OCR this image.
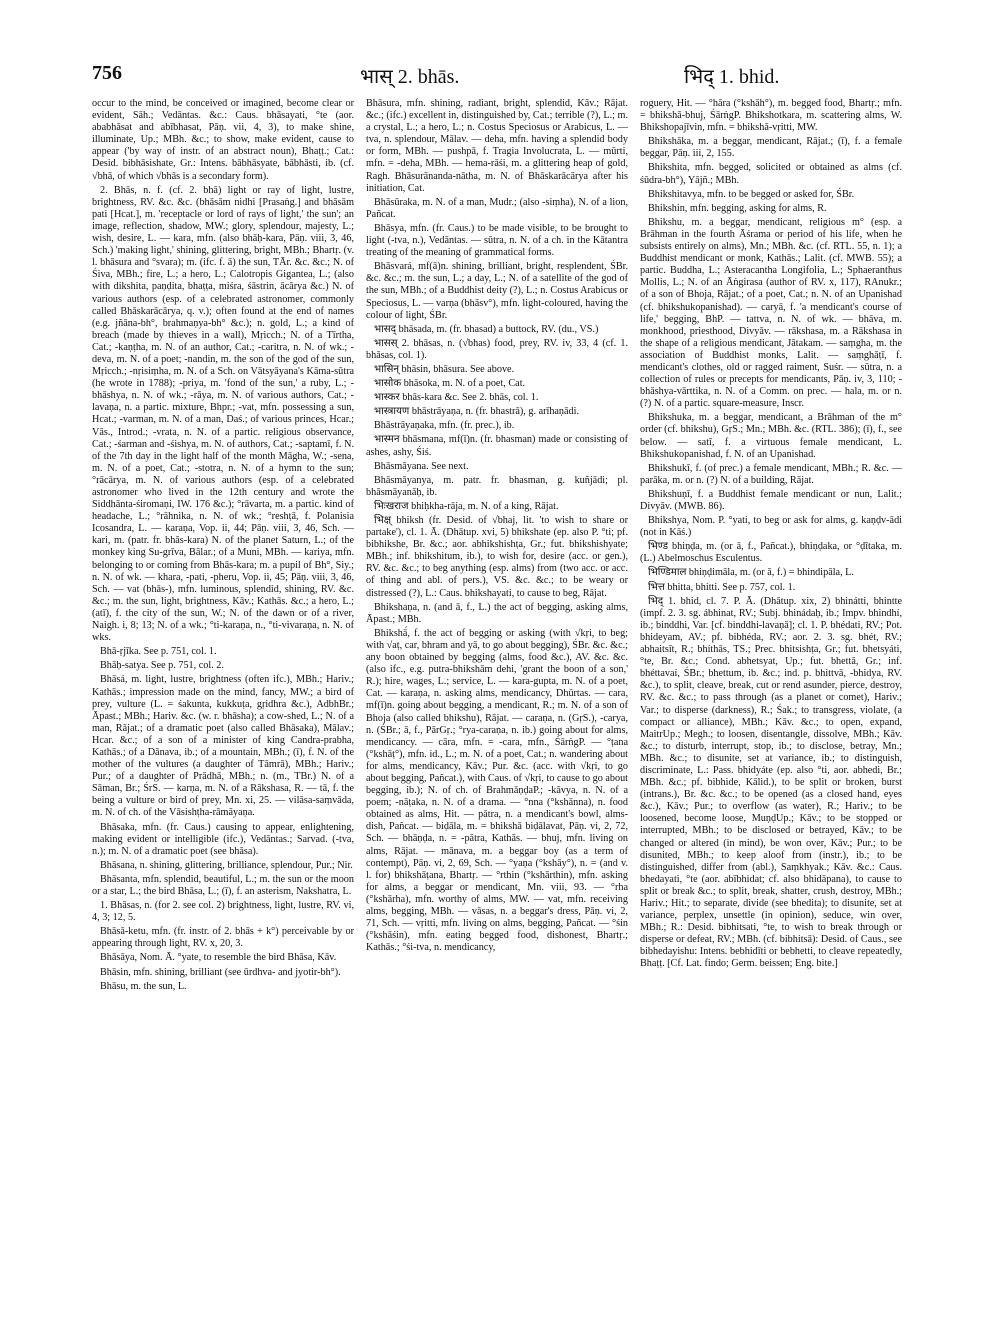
756	भास् 2. bhās.	भिद् 1. bhid.

occur to the mind, be conceived or imagined, become clear or evident, Sāh.; Vedāntas. &c.: Caus. bhāsayati, °te (aor. ababhāsat and abībhasat, Pāṇ. vii, 4, 3), to make shine, illuminate, Up.; MBh. &c.; to show, make evident, cause to appear ('by way of instr. of an abstract noun), Bhaṭṭ.; Cat.: Desid. bibhāsishate, Gr.: Intens. bābhāsyate, bābhāsti, ib. (cf. √bhā, of which √bhās is a secondary form).

2. Bhās, n. f. (cf. 2. bhā) light or ray of light, lustre, brightness, RV. &c. &c. (bhāsām nidhi [Prasaṅg.] and bhāsām pati [Hcat.], m. 'receptacle or lord of rays of light,' the sun'; an image, reflection, shadow, MW.; glory, splendour, majesty, L.; wish, desire, L. — kara, mfn. (also bhāḥ-kara, Pāṇ. viii, 3, 46, Sch.) 'making light,' shining, glittering, bright, MBh.; Bhartṛ. (v. l. bhāsura and °svara); m. (ifc. f. ā) the sun, TĀr. &c. &c.; N. of Śiva, MBh.; fire, L.; a hero, L.; Calotropis Gigantea, L.; (also with dikshita, paṇḍita, bhaṭṭa, miśra, śāstrin, ācārya &c.) N. of various authors (esp. of a celebrated astronomer, commonly called Bhāskarācārya, q. v.); often found at the end of names (e.g. jñāna-bh°, brahmaṇya-bh° &c.); n. gold, L.; a kind of breach (made by thieves in a wall), Mṛicch.; N. of a Tīrtha, Cat.; -kaṇṭha, m. N. of an author, Cat.; -caritra, n. N. of wk.; -deva, m. N. of a poet; -nandin, m. the son of the god of the sun, Mṛicch.; -nṛisiṃha, m. N. of a Sch. on Vātsyāyana's Kāma-sūtra (he wrote in 1788); -priya, m. 'fond of the sun,' a ruby, L.; -bhāshya, n. N. of wk.; -rāya, m. N. of various authors, Cat.; -lavaṇa, n. a partic. mixture, Bhpr.; -vat, mfn. possessing a sun, Hcat.; -varman, m. N. of a man, Daś.; of various princes, Hcar.; Vās., Introd.; -vrata, n. N. of a partic. religious observance, Cat.; -śarman and -śishya, m. N. of authors, Cat.; -saptamī, f. N. of the 7th day in the light half of the month Māgha, W.; -sena, m. N. of a poet, Cat.; -stotra, n. N. of a hymn to the sun; °rācārya, m. N. of various authors (esp. of a celebrated astronomer who lived in the 12th century and wrote the Siddhānta-śiromaṇi, IW. 176 &c.); °rāvarta, m. a partic. kind of headache, L.; °rāhnika, n. N. of wk.; °reshṭā, f. Polanisia Icosandra, L. — karaṇa, Vop. ii, 44; Pāṇ. viii, 3, 46, Sch. — kari, m. (patr. fr. bhās-kara) N. of the planet Saturn, L.; of the monkey king Su-grīva, Bālar.; of a Muni, MBh. — kariya, mfn. belonging to or coming from Bhās-kara; m. a pupil of Bh°, Siy.; n. N. of wk. — khara, -pati, -pheru, Vop. ii, 45; Pāṇ. viii, 3, 46, Sch. — vat (bhās-), mfn. luminous, splendid, shining, RV. &c. &c.; m. the sun, light, brightness, Kāv.; Kathās. &c.; a hero, L.; (atī), f. the city of the sun, W.; N. of the dawn or of a river, Naigh. i, 8; 13; N. of a wk.; °ti-karaṇa, n., °ti-vivaraṇa, n. N. of wks.

Bhā-ṛjīka. See p. 751, col. 1.

Bhāḥ-satya. See p. 751, col. 2.

Bhāsá, m. light, lustre, brightness (often ifc.), MBh.; Hariv.; Kathās.; impression made on the mind, fancy, MW.; a bird of prey, vulture (L. = śakunta, kukkuṭa, gṛidhra &c.), AdbhBr.; Āpast.; MBh.; Hariv. &c. (w. r. bhāsha); a cow-shed, L.; N. of a man, Rājat.; of a dramatic poet (also called Bhāsaka), Mālav.; Hcar. &c.; of a son of a minister of king Candra-prabha, Kathās.; of a Dānava, ib.; of a mountain, MBh.; (ī), f. N. of the mother of the vultures (a daughter of Tāmrā), MBh.; Hariv.; Pur.; of a daughter of Prādhā, MBh.; n. (m., TBr.) N. of a Sāman, Br.; ŚrS. — karṇa, m. N. of a Rākshasa, R. — tā, f. the being a vulture or bird of prey, Mn. xi, 25. — vilāsa-saṃvāda, m. N. of ch. of the Vāsishṭha-rāmāyaṇa.

Bhāsaka, mfn. (fr. Caus.) causing to appear, enlightening, making evident or intelligible (ifc.), Vedāntas.; Sarvad. (-tva, n.); m. N. of a dramatic poet (see bhāsa).

Bhāsana, n. shining, glittering, brilliance, splendour, Pur.; Nir.

Bhāsanta, mfn. splendid, beautiful, L.; m. the sun or the moon or a star, L.; the bird Bhāsa, L.; (ī), f. an asterism, Nakshatra, L.

1. Bhāsas, n. (for 2. see col. 2) brightness, light, lustre, RV. vi, 4, 3; 12, 5.

Bhāsā-ketu, mfn. (fr. instr. of 2. bhās + k°) perceivable by or appearing through light, RV. x, 20, 3.

Bhāsāya, Nom. Ā. °yate, to resemble the bird Bhāsa, Kāv.

Bhāsin, mfn. shining, brilliant (see ūrdhva- and jyotir-bh°).

Bhāsu, m. the sun, L.

Bhāsura, mfn. shining, radiant, bright, splendid, Kāv.; Rājat. &c.; (ifc.) excellent in, distinguished by, Cat.; terrible (?), L.; m. a crystal, L.; a hero, L.; n. Costus Speciosus or Arabicus, L. — tva, n. splendour, Mālav. — deha, mfn. having a splendid body or form, MBh. — pushpā, f. Tragia Involucrata, L. — mūrti, mfn. = -deha, MBh. — hema-rāśi, m. a glittering heap of gold, Ragh. Bhāsurānanda-nātha, m. N. of Bhāskarācārya after his initiation, Cat.

Bhāsūraka, m. N. of a man, Mudr.; (also -siṃha), N. of a lion, Pañcat.

Bhāsya, mfn. (fr. Caus.) to be made visible, to be brought to light (-tva, n.), Vedāntas. — sūtra, n. N. of a ch. in the Kātantra treating of the meaning of grammatical forms.

Bhāsvará, mf(ā)n. shining, brilliant, bright, resplendent, ŚBr. &c. &c.; m. the sun, L.; a day, L.; N. of a satellite of the god of the sun, MBh.; of a Buddhist deity (?), L.; n. Costus Arabicus or Speciosus, L. — varṇa (bhāsv°), mfn. light-coloured, having the colour of light, ŚBr.

भासद् bhāsada, m. (fr. bhasad) a buttock, RV. (du., VS.)

भासस् 2. bhāsas, n. (√bhas) food, prey, RV. iv, 33, 4 (cf. 1. bhāsas, col. 1).

भासिन् bhāsin, bhāsura. See above.

भासोक bhāsoka, m. N. of a poet, Cat.

भास्कर bhās-kara &c. See 2. bhās, col. 1.

भास्त्रायण bhāstrāyaṇa, n. (fr. bhastrā), g. arīhaṇādi.

Bhāstrāyaṇaka, mfn. (fr. prec.), ib.

भास्मन bhāsmana, mf(ī)n. (fr. bhasman) made or consisting of ashes, ashy, Śiś.

Bhāsmāyana. See next.

Bhāsmāyanya, m. patr. fr. bhasman, g. kuñjādi; pl. bhāsmāyanāḥ, ib.

भिःखराज bhiḥkha-rāja, m. N. of a king, Rājat.

भिक्ष् bhiksh (fr. Desid. of √bhaj, lit. 'to wish to share or partake'), cl. 1. Ā. (Dhātup. xvi, 5) bhikshate (ep. also P. °ti; pf. bibhikshe, Br. &c.; aor. abhikshishṭa, Gr.; fut. bhikshishyate; MBh.; inf. bhikshitum, ib.), to wish for, desire (acc. or gen.), RV. &c. &c.; to beg anything (esp. alms) from (two acc. or acc. of thing and abl. of pers.), VS. &c. &c.; to be weary or distressed (?), L.: Caus. bhikshayati, to cause to beg, Rājat.

Bhikshaṇa, n. (and ā, f., L.) the act of begging, asking alms, Āpast.; MBh.

Bhikshā́, f. the act of begging or asking (with √kṛi, to beg; with √aṭ, car, bhram and yā, to go about begging), ŚBr. &c. &c.; any boon obtained by begging (alms, food &c.), AV. &c. &c. (also ifc., e.g. putra-bhikshām dehi, 'grant the boon of a son,' R.); hire, wages, L.; service, L. — kara-gupta, m. N. of a poet, Cat. — karaṇa, n. asking alms, mendicancy, Dhūrtas. — cara, mf(ī)n. going about begging, a mendicant, R.; m. N. of a son of Bhoja (also called bhikshu), Rājat. — caraṇa, n. (GṛS.), -carya, n. (ŚBr.; ā, f., PārGṛ.; °rya-caraṇa, n. ib.) going about for alms, mendicancy. — cāra, mfn. = -cara, mfn., ŚārṅgP. — °ṭana (°kshāṭ°), mfn. id., L.; m. N. of a poet, Cat.; n. wandering about for alms, mendicancy, Kāv.; Pur. &c. (acc. with √kṛi, to go about begging, Pañcat.), with Caus. of √kṛi, to cause to go about begging, ib.); N. of ch. of BrahmāṇḍaP.; -kāvya, n. N. of a poem; -nāṭaka, n. N. of a drama. — °nna (°kshānna), n. food obtained as alms, Hit. — pātra, n. a mendicant's bowl, alms-dish, Pañcat. — biḍāla, m. = bhikshā biḍālavat, Pāṇ. vi, 2, 72, Sch. — bhāṇḍa, n. = -pātra, Kathās. — bhuj, mfn. living on alms, Rājat. — mānava, m. a beggar boy (as a term of contempt), Pāṇ. vi, 2, 69, Sch. — °yaṇa (°kshāy°), n. = (and v. l. for) bhikshāṭana, Bhartṛ. — °rthin (°kshārthin), mfn. asking for alms, a beggar or mendicant, Mn. viii, 93. — °rha (°kshārha), mfn. worthy of alms, MW. — vat, mfn. receiving alms, begging, MBh. — vāsas, n. a beggar's dress, Pāṇ. vi, 2, 71, Sch. — vṛitti, mfn. living on alms, begging, Pañcat. — °śin (°kshāśin), mfn. eating begged food, dishonest, Bhartṛ.; Kathās.; °śi-tva, n. mendicancy,

roguery, Hit. — °hāra (°kshāh°), m. begged food, Bhartṛ.; mfn. = bhikshā-bhuj, ŚārṅgP. Bhikshotkara, m. scattering alms, W. Bhikshopajīvin, mfn. = bhikshā-vṛitti, MW.

Bhikshāka, m. a beggar, mendicant, Rājat.; (ī), f. a female beggar, Pāṇ. iii, 2, 155.

Bhikshita, mfn. begged, solicited or obtained as alms (cf. śūdra-bh°), Yājñ.; MBh.

Bhikshitavya, mfn. to be begged or asked for, ŚBr.

Bhikshin, mfn. begging, asking for alms, R.

Bhikshu, m. a beggar, mendicant, religious m° (esp. a Brāhman in the fourth Āśrama or period of his life, when he subsists entirely on alms), Mn.; MBh. &c. (cf. RTL. 55, n. 1); a Buddhist mendicant or monk, Kathās.; Lalit. (cf. MWB. 55); a partic. Buddha, L.; Asteracantha Longifolia, L.; Sphaeranthus Mollis, L.; N. of an Āṅgirasa (author of RV. x, 117), RAnukr.; of a son of Bhoja, Rājat.; of a poet, Cat.; n. N. of an Upanishad (cf. bhikshukopanishad). — caryā, f. 'a mendicant's course of life,' begging, BhP. — tattva, n. N. of wk. — bhāva, m. monkhood, priesthood, Divyāv. — rākshasa, m. a Rākshasa in the shape of a religious mendicant, Jātakam. — saṃgha, m. the association of Buddhist monks, Lalit. — saṃghāṭī, f. mendicant's clothes, old or ragged raiment, Suśr. — sūtra, n. a collection of rules or precepts for mendicants, Pāṇ. iv, 3, 110; -bhāshya-vārttika, n. N. of a Comm. on prec. — hala, m. or n. (?) N. of a partic. square-measure, Inscr.

Bhikshuka, m. a beggar, mendicant, a Brāhman of the m° order (cf. bhikshu), GṛS.; Mn.; MBh. &c. (RTL. 386); (ī), f., see below. — satī, f. a virtuous female mendicant, L. Bhikshukopanishad, f. N. of an Upanishad.

Bhikshukī, f. (of prec.) a female mendicant, MBh.; R. &c. — parāka, m. or n. (?) N. of a building, Rājat.

Bhikshuṇī, f. a Buddhist female mendicant or nun, Lalit.; Divyāv. (MWB. 86).

Bhikshya, Nom. P. °yati, to beg or ask for alms, g. kaṇḍv-ādi (not in Kāś.)

भिण्ड bhiṇḍa, m. (or ā, f., Pañcat.), bhiṇḍaka, or °ḍītaka, m. (L.) Abelmoschus Esculentus.

भिण्डिमाल bhiṇḍimāla, m. (or ā, f.) = bhindipāla, L.

भित्त bhitta, bhitti. See p. 757, col. 1.

भिद् 1. bhid, cl. 7. P. Ā. (Dhātup. xix, 2) bhinátti, bhintte (impf. 2. 3. sg. ábhinat, RV.; Subj. bhinádaḥ, ib.; Impv. bhindhí, ib.; binddhi, Var. [cf. binddhi-lavaṇā]; cl. 1. P. bhédati, RV.; Pot. bhideyam, AV.; pf. bibhéda, RV.; aor. 2. 3. sg. bhét, RV.; abhaitsīt, R.; bhíthās, TS.; Prec. bhitsishṭa, Gr.; fut. bhetsyáti, °te, Br. &c.; Cond. abhetsyat, Up.; fut. bhettā, Gr.; inf. bhéttavaí, ŚBr.; bhettum, ib. &c.; ind. p. bhittvā, -bhidya, RV. &c.), to split, cleave, break, cut or rend asunder, pierce, destroy, RV. &c. &c.; to pass through (as a planet or comet), Hariv.; Var.; to disperse (darkness), R.; Śak.; to transgress, violate, (a compact or alliance), MBh.; Kāv. &c.; to open, expand, MaitrUp.; Megh.; to loosen, disentangle, dissolve, MBh.; Kāv. &c.; to disturb, interrupt, stop, ib.; to disclose, betray, Mn.; MBh. &c.; to disunite, set at variance, ib.; to distinguish, discriminate, L.: Pass. bhidyáte (ep. also °ti, aor. abhedi, Br.; MBh. &c.; pf. bibhide, Kālid.), to be split or broken, burst (intrans.), Br. &c. &c.; to be opened (as a closed hand, eyes &c.), Kāv.; Pur.; to overflow (as water), R.; Hariv.; to be loosened, become loose, MuṇḍUp.; Kāv.; to be stopped or interrupted, MBh.; to be disclosed or betrayed, Kāv.; to be changed or altered (in mind), be won over, Kāv.; Pur.; to be disunited, MBh.; to keep aloof from (instr.), ib.; to be distinguished, differ from (abl.), Saṃkhyak.; Kāv. &c.: Caus. bhedayati, °te (aor. abībhidat; cf. also bhidāpana), to cause to split or break &c.; to split, break, shatter, crush, destroy, MBh.; Hariv.; Hit.; to separate, divide (see bhedita); to disunite, set at variance, perplex, unsettle (in opinion), seduce, win over, MBh.; R.: Desid. bibhitsati, °te, to wish to break through or disperse or defeat, RV.; MBh. (cf. bibhitsā): Desid. of Caus., see bibhedayishu: Intens. bebhidīti or bebhetti, to cleave repeatedly, Bhaṭṭ. [Cf. Lat. findo; Germ. beissen; Eng. bite.]
